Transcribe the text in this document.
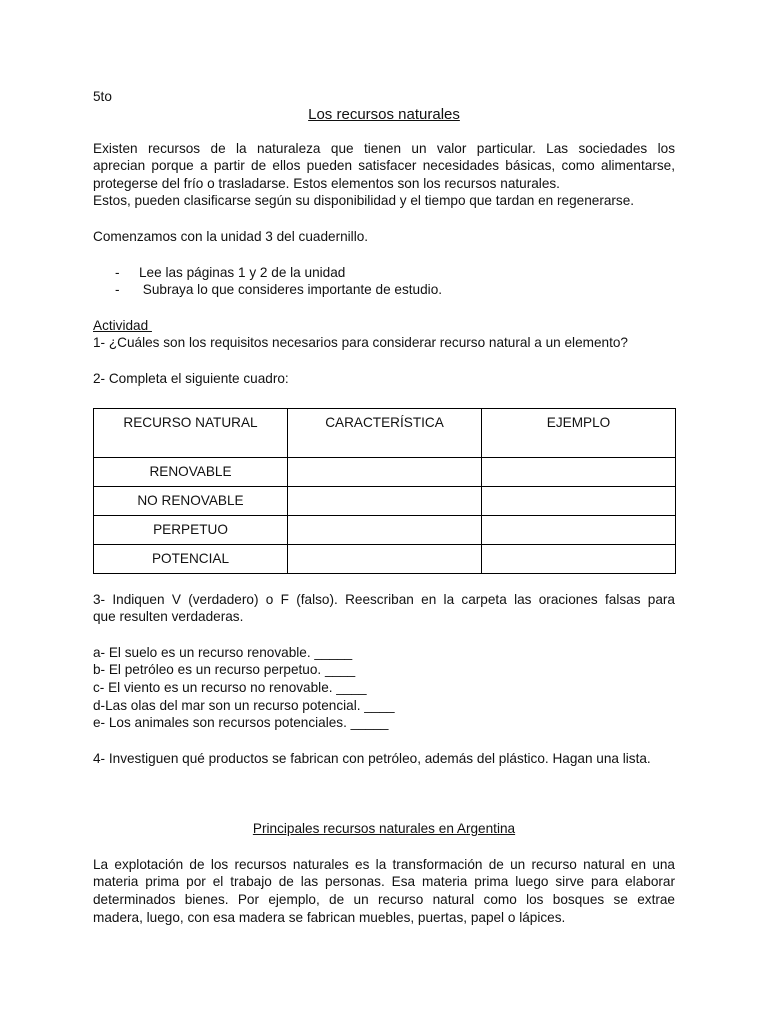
5to

Los recursos naturales

Existen recursos de la naturaleza que tienen un valor particular. Las sociedades los

aprecian porque a partir de ellos pueden satisfacer necesidades básicas, como alimentarse,

protegerse del frío o trasladarse. Estos elementos son los recursos naturales.

Estos, pueden clasificarse según su disponibilidad y el tiempo que tardan en regenerarse.

Comenzamos con la unidad 3 del cuadernillo.

- Lee las páginas 1 y 2 de la unidad
- Subraya lo que consideres importante de estudio.

Actividad

1- ¿Cuáles son los requisitos necesarios para considerar recurso natural a un elemento?

2- Completa el siguiente cuadro:

RECURSO NATURAL	CARACTERÍSTICA	EJEMPLO
RENOVABLE		
NO RENOVABLE		
PERPETUO		
POTENCIAL		

3- Indiquen V (verdadero) o F (falso). Reescriban en la carpeta las oraciones falsas para

que resulten verdaderas.

a- El suelo es un recurso renovable. _____

b- El petróleo es un recurso perpetuo. ____

c- El viento es un recurso no renovable. ____

d-Las olas del mar son un recurso potencial. ____

e- Los animales son recursos potenciales. _____

4- Investiguen qué productos se fabrican con petróleo, además del plástico. Hagan una lista.

Principales recursos naturales en Argentina

La explotación de los recursos naturales es la transformación de un recurso natural en una

materia prima por el trabajo de las personas. Esa materia prima luego sirve para elaborar

determinados bienes. Por ejemplo, de un recurso natural como los bosques se extrae

madera, luego, con esa madera se fabrican muebles, puertas, papel o lápices.
